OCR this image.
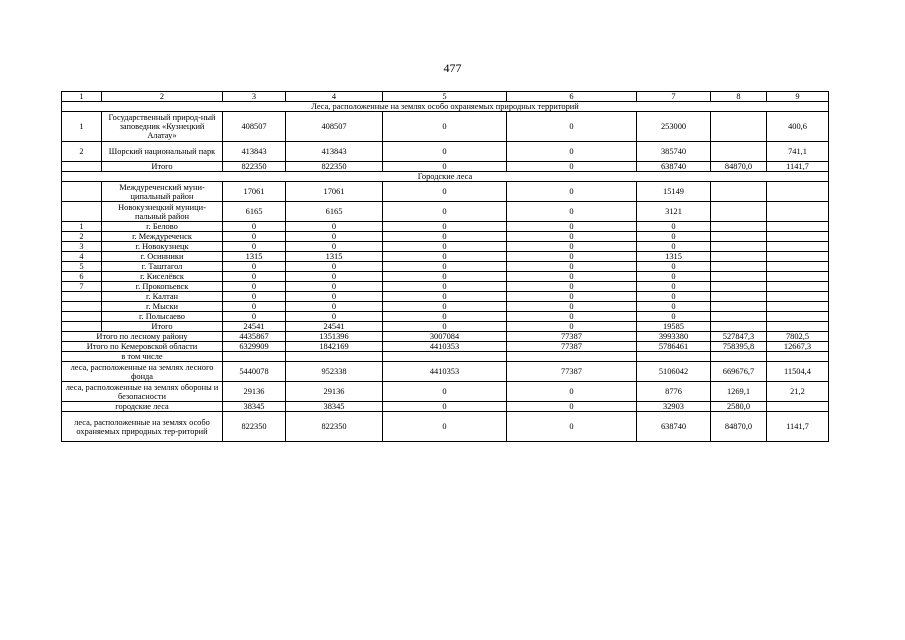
477
1	2	3	4	5	6	7	8	9
Леса, расположенные на землях особо охраняемых природных территорий								
1	Государственный природ-ный заповедник «Кузнецкий Алатау»	408507	408507	0	0	253000		400,6
2	Шорский национальный парк	413843	413843	0	0	385740		741,1
	Итого	822350	822350	0	0	638740	84870,0	1141,7
Городские леса								
	Междуреченский муни-ципальный район	17061	17061	0	0	15149		
	Новокузнецкий муници-пальный район	6165	6165	0	0	3121		
1	г. Белово	0	0	0	0	0		
2	г. Междуреченск	0	0	0	0	0		
3	г. Новокузнецк	0	0	0	0	0		
4	г. Осинники	1315	1315	0	0	1315		
5	г. Таштагол	0	0	0	0	0		
6	г. Киселёвск	0	0	0	0	0		
7	г. Прокопьевск	0	0	0	0	0		
	г. Калтан	0	0	0	0	0		
	г. Мыски	0	0	0	0	0		
	г. Полысаево	0	0	0	0	0		
	Итого	24541	24541	0	0	19585		
Итого по лесному району		4435867	1351396	3007084	77387	3993380	527847,3	7802,5
Итого по Кемеровской области		6329909	1842169	4410353	77387	5786461	758395,8	12667,3
в том числе								
леса, расположенные на землях лесного фонда		5440078	952338	4410353	77387	5106042	669676,7	11504,4
леса, расположенные на землях обороны и безопасности		29136	29136	0	0	8776	1269,1	21,2
городские леса		38345	38345	0	0	32903	2580,0	
леса, расположенные на землях особо охраняемых природных тер-риторий		822350	822350	0	0	638740	84870,0	1141,7
